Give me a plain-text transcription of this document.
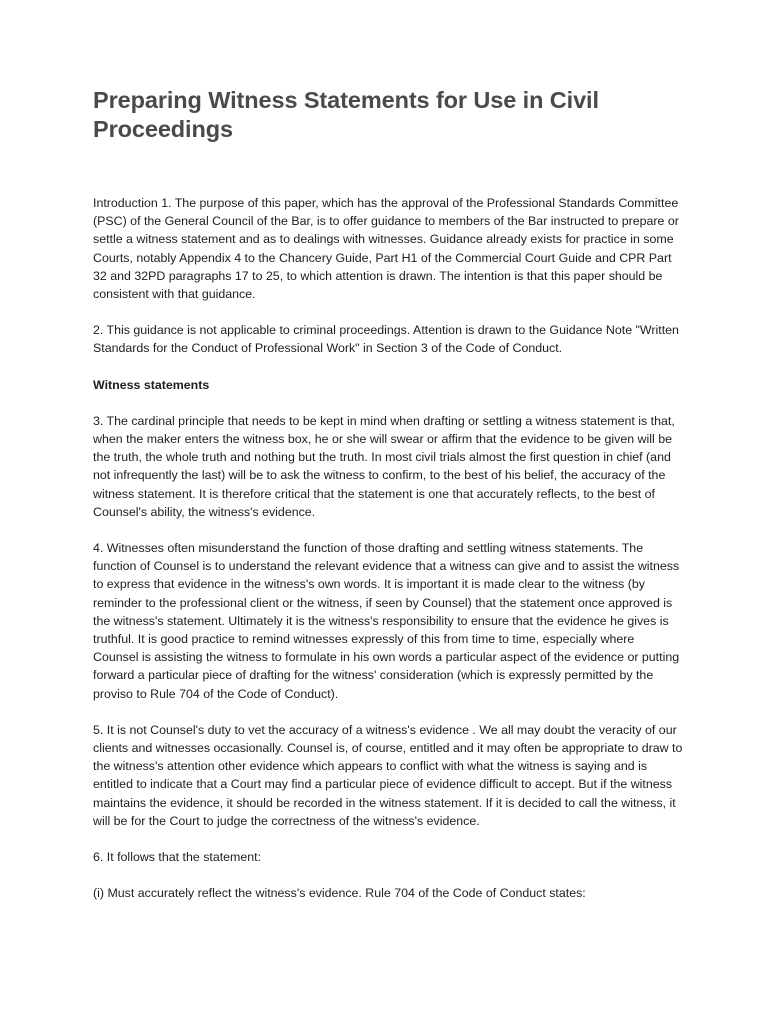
Preparing Witness Statements for Use in Civil Proceedings

Introduction 1. The purpose of this paper, which has the approval of the Professional Standards Committee (PSC) of the General Council of the Bar, is to offer guidance to members of the Bar instructed to prepare or settle a witness statement and as to dealings with witnesses. Guidance already exists for practice in some Courts, notably Appendix 4 to the Chancery Guide, Part H1 of the Commercial Court Guide and CPR Part 32 and 32PD paragraphs 17 to 25, to which attention is drawn. The intention is that this paper should be consistent with that guidance.

2. This guidance is not applicable to criminal proceedings. Attention is drawn to the Guidance Note "Written Standards for the Conduct of Professional Work" in Section 3 of the Code of Conduct.

Witness statements

3. The cardinal principle that needs to be kept in mind when drafting or settling a witness statement is that, when the maker enters the witness box, he or she will swear or affirm that the evidence to be given will be the truth, the whole truth and nothing but the truth. In most civil trials almost the first question in chief (and not infrequently the last) will be to ask the witness to confirm, to the best of his belief, the accuracy of the witness statement. It is therefore critical that the statement is one that accurately reflects, to the best of Counsel's ability, the witness's evidence.

4. Witnesses often misunderstand the function of those drafting and settling witness statements. The function of Counsel is to understand the relevant evidence that a witness can give and to assist the witness to express that evidence in the witness's own words. It is important it is made clear to the witness (by reminder to the professional client or the witness, if seen by Counsel) that the statement once approved is the witness's statement. Ultimately it is the witness's responsibility to ensure that the evidence he gives is truthful. It is good practice to remind witnesses expressly of this from time to time, especially where Counsel is assisting the witness to formulate in his own words a particular aspect of the evidence or putting forward a particular piece of drafting for the witness' consideration (which is expressly permitted by the proviso to Rule 704 of the Code of Conduct).

5. It is not Counsel's duty to vet the accuracy of a witness's evidence . We all may doubt the veracity of our clients and witnesses occasionally. Counsel is, of course, entitled and it may often be appropriate to draw to the witness's attention other evidence which appears to conflict with what the witness is saying and is entitled to indicate that a Court may find a particular piece of evidence difficult to accept. But if the witness maintains the evidence, it should be recorded in the witness statement. If it is decided to call the witness, it will be for the Court to judge the correctness of the witness's evidence.

6. It follows that the statement:

(i) Must accurately reflect the witness's evidence. Rule 704 of the Code of Conduct states:
